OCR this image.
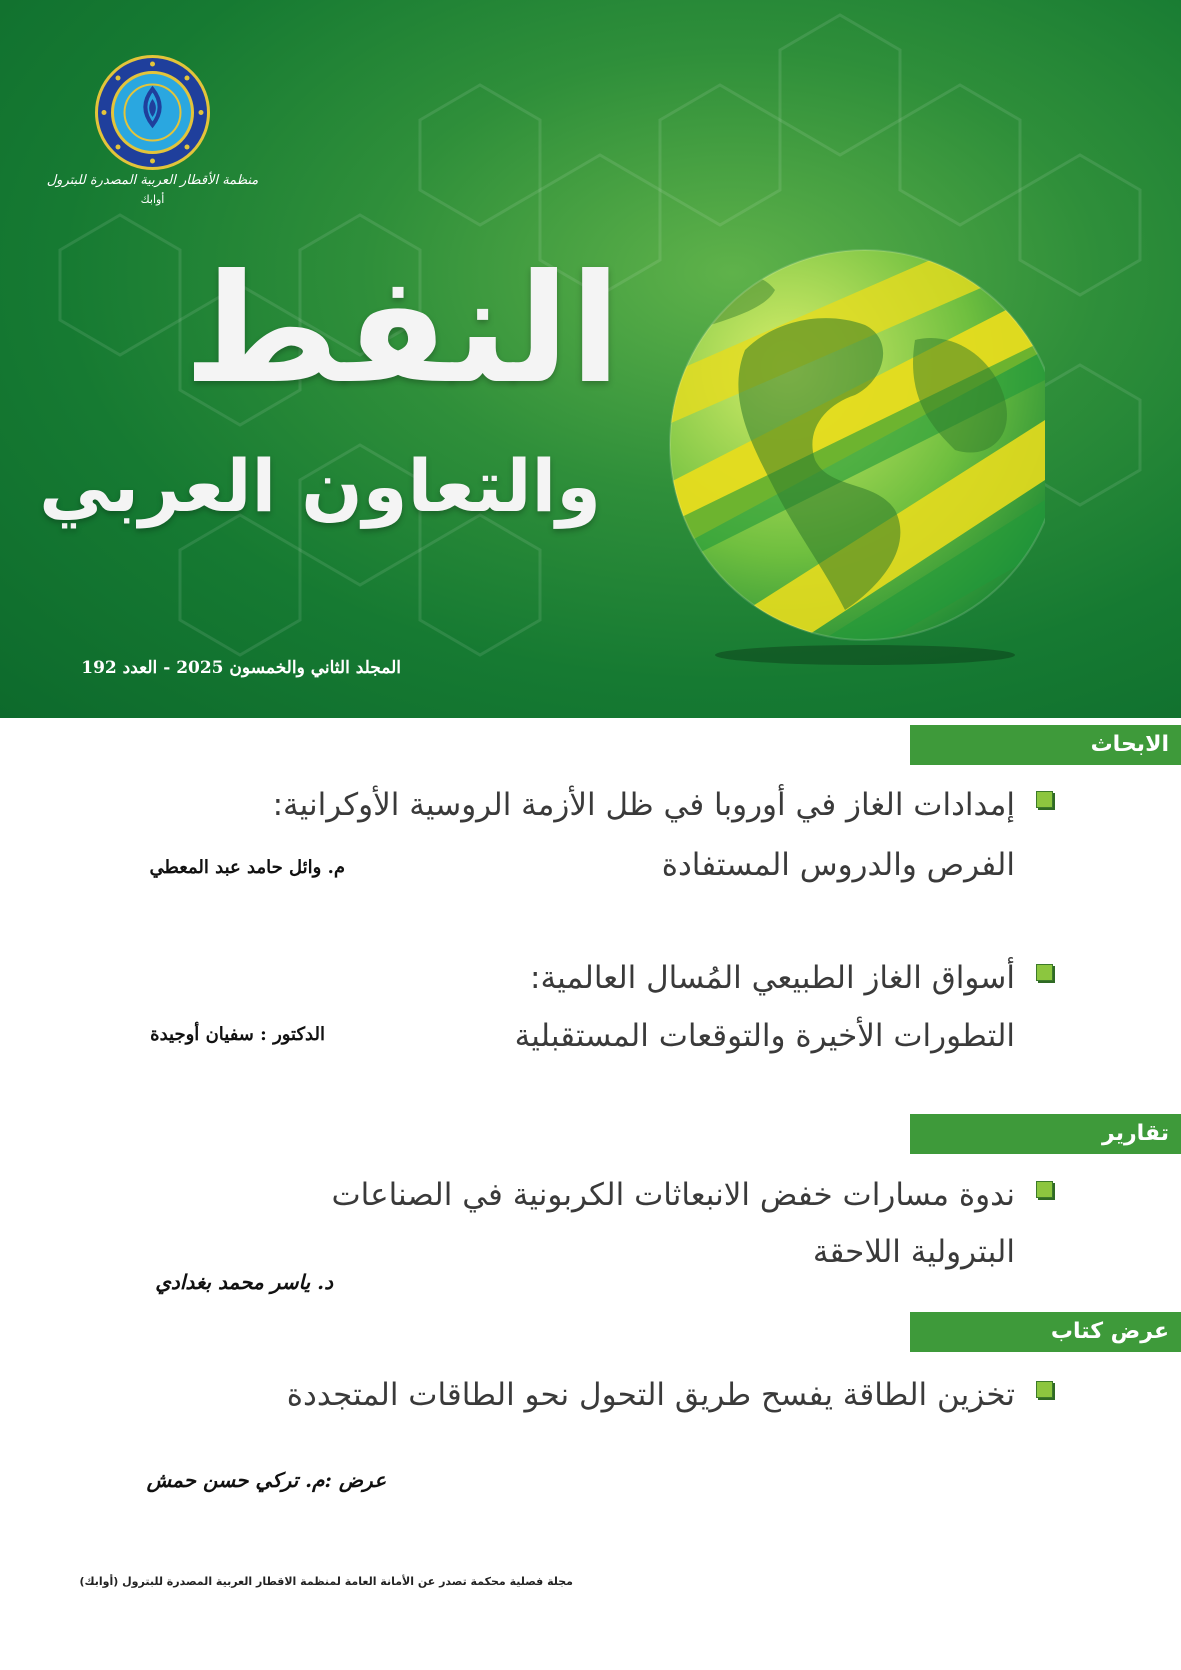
منظمة الأقطار العربية المصدرة للبترول
أوابك
النفط
والتعاون العربي
المجلد الثاني والخمسون 2025 - العدد 192
الابحاث
إمدادات الغاز في أوروبا في ظل الأزمة الروسية الأوكرانية:
الفرص والدروس المستفادة
م. وائل حامد عبد المعطي
أسواق الغاز الطبيعي المُسال العالمية:
التطورات الأخيرة والتوقعات المستقبلية
الدكتور : سفيان أوجيدة
تقارير
ندوة مسارات خفض الانبعاثات الكربونية في الصناعات
البترولية اللاحقة
د. ياسر محمد بغدادي
عرض كتاب
تخزين الطاقة يفسح طريق التحول نحو الطاقات المتجددة
عرض :م. تركي حسن حمش
مجلة فصلية محكمة تصدر عن الأمانة العامة لمنظمة الاقطار العربية المصدرة للبترول (أوابك)
